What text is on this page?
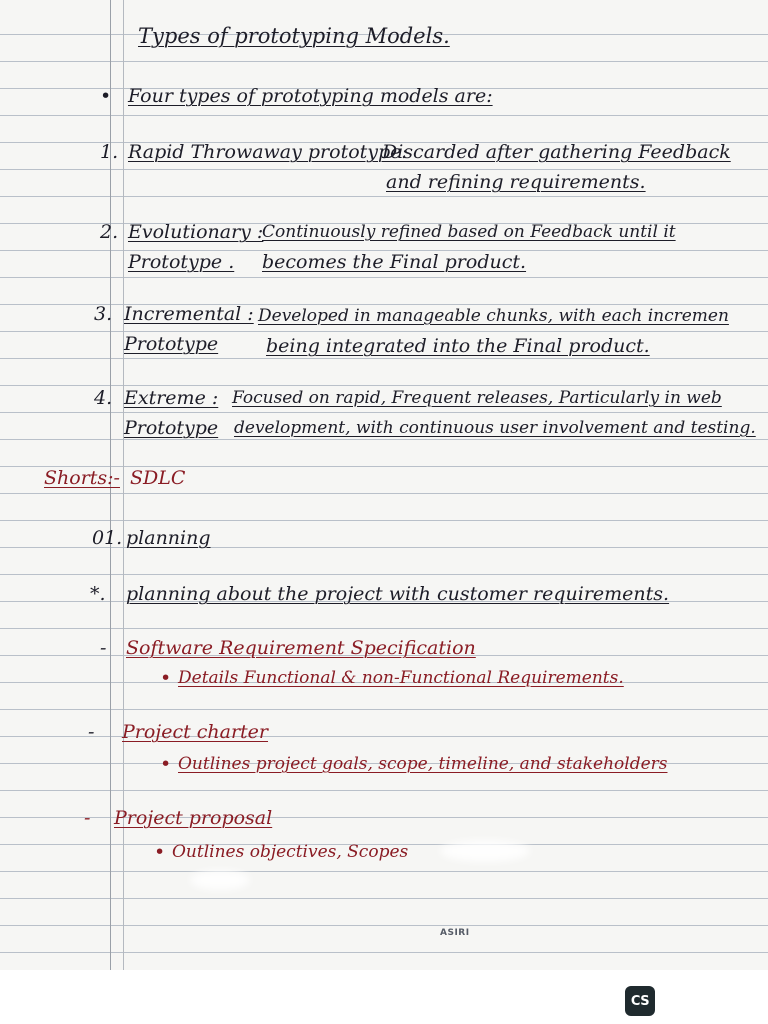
Types of prototyping Models.
• Four types of prototyping models are:
1. Rapid Throwaway prototype:
Discarded after gathering Feedback
and refining requirements.
2. Evolutionary :
Prototype .
Continuously refined based on Feedback until it
becomes the Final product.
3. Incremental :
Prototype
Developed in manageable chunks, with each incremen
being integrated into the Final product.
4. Extreme :
Prototype
Focused on rapid, Frequent releases, Particularly in web
development, with continuous user involvement and testing.
Shorts:- SDLC
01. planning
*. planning about the project with customer requirements.
- Software Requirement Specification
• Details Functional & non-Functional Requirements.
- Project charter
• Outlines project goals, scope, timeline, and stakeholders
- Project proposal
• Outlines objectives, Scopes
ASIRI
CS
